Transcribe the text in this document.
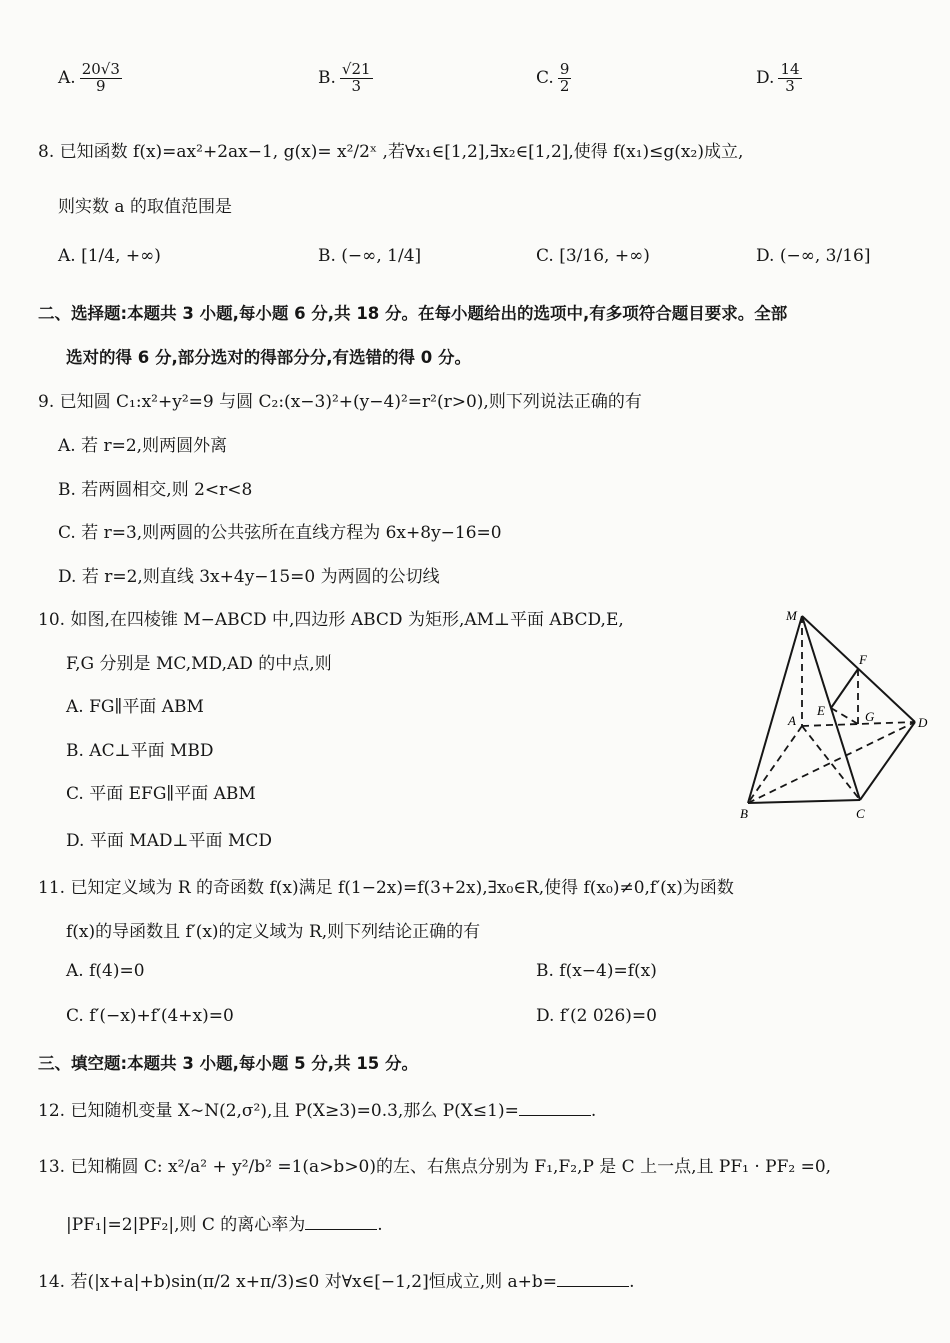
A. $\frac{20√3}{9}$	B. $\frac{√21}{3}$	C. $\frac{9}{2}$	D. $\frac{14}{3}$
8. 已知函数 f(x)=ax²+2ax−1, g(x)= x²/2ˣ ,若∀x₁∈[1,2],∃x₂∈[1,2],使得 f(x₁)≤g(x₂)成立,
则实数 a 的取值范围是
A. [1/4, +∞)	B. (−∞, 1/4]	C. [3/16, +∞)	D. (−∞, 3/16]
二、选择题:本题共 3 小题,每小题 6 分,共 18 分。在每小题给出的选项中,有多项符合题目要求。全部
选对的得 6 分,部分选对的得部分分,有选错的得 0 分。
9. 已知圆 C₁:x²+y²=9 与圆 C₂:(x−3)²+(y−4)²=r²(r>0),则下列说法正确的有
A. 若 r=2,则两圆外离
B. 若两圆相交,则 2<r<8
C. 若 r=3,则两圆的公共弦所在直线方程为 6x+8y−16=0
D. 若 r=2,则直线 3x+4y−15=0 为两圆的公切线
10. 如图,在四棱锥 M−ABCD 中,四边形 ABCD 为矩形,AM⊥平面 ABCD,E,
F,G 分别是 MC,MD,AD 的中点,则
A. FG∥平面 ABM
B. AC⊥平面 MBD
C. 平面 EFG∥平面 ABM
D. 平面 MAD⊥平面 MCD
M
A
B	C
D
E
F
G
11. 已知定义域为 R 的奇函数 f(x)满足 f(1−2x)=f(3+2x),∃x₀∈R,使得 f(x₀)≠0,f′(x)为函数
f(x)的导函数且 f′(x)的定义域为 R,则下列结论正确的有
A. f(4)=0	B. f(x−4)=f(x)
C. f′(−x)+f′(4+x)=0	D. f′(2 026)=0
三、填空题:本题共 3 小题,每小题 5 分,共 15 分。
12. 已知随机变量 X∼N(2,σ²),且 P(X≥3)=0.3,那么 P(X≤1)=	.
13. 已知椭圆 C: x²/a² + y²/b² =1(a>b>0)的左、右焦点分别为 F₁,F₂,P 是 C 上一点,且 PF₁ · PF₂ =0,
|PF₁|=2|PF₂|,则 C 的离心率为	.
14. 若(|x+a|+b)sin(π/2 x+π/3)≤0 对∀x∈[−1,2]恒成立,则 a+b=	.
